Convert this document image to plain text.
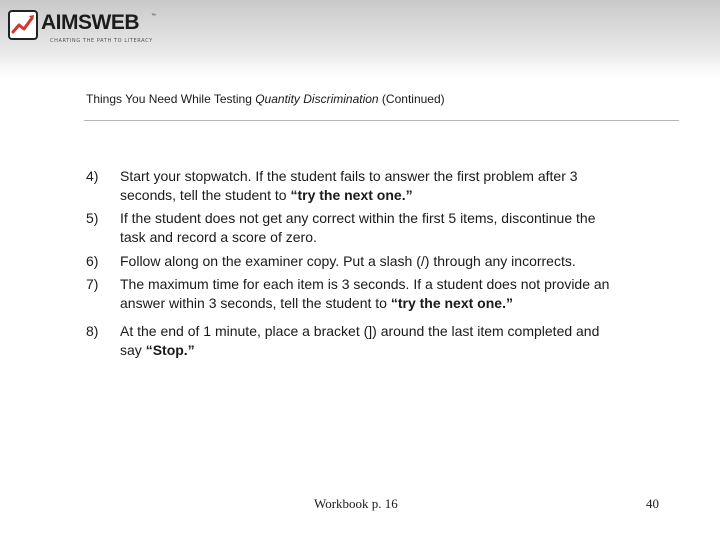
AIMSWEB ™
CHARTING THE PATH TO LITERACY
Things You Need While Testing Quantity Discrimination (Continued)
4)	Start your stopwatch. If the student fails to answer the first problem after 3
seconds, tell the student to “try the next one.”
5)	If the student does not get any correct within the first 5 items, discontinue the
task and record a score of zero.
6)	Follow along on the examiner copy. Put a slash (/) through any incorrects.
7)	The maximum time for each item is 3 seconds. If a student does not provide an
answer within 3 seconds, tell the student to “try the next one.”
8)	At the end of 1 minute, place a bracket (]) around the last item completed and
say “Stop.”
Workbook p. 16	40
